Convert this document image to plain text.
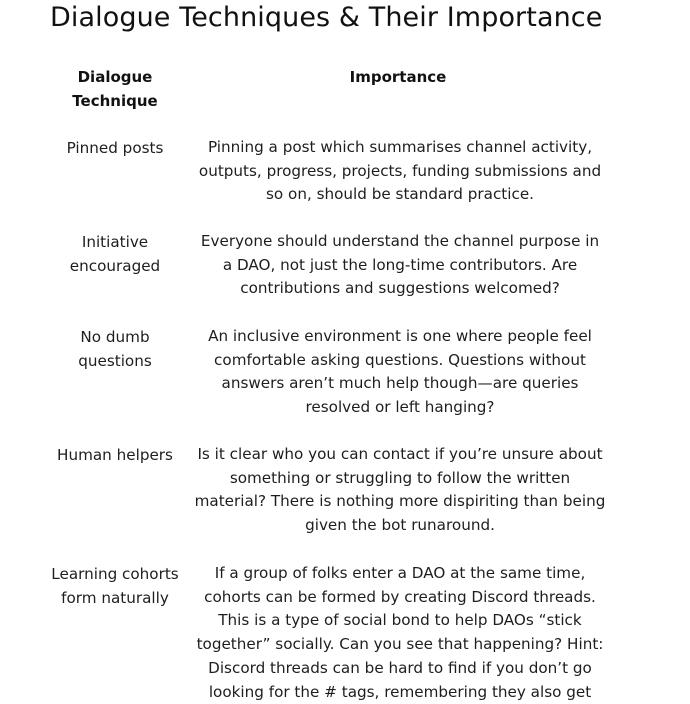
Dialogue Techniques & Their Importance
Dialogue
Technique
Importance
Pinned posts	Pinning a post which summarises channel activity,
outputs, progress, projects, funding submissions and
so on, should be standard practice.
Initiative
encouraged
Everyone should understand the channel purpose in
a DAO, not just the long-time contributors. Are
contributions and suggestions welcomed?
No dumb
questions
An inclusive environment is one where people feel
comfortable asking questions. Questions without
answers aren’t much help though—are queries
resolved or left hanging?
Human helpers	Is it clear who you can contact if you’re unsure about
something or struggling to follow the written
material? There is nothing more dispiriting than being
given the bot runaround.
Learning cohorts
form naturally
If a group of folks enter a DAO at the same time,
cohorts can be formed by creating Discord threads.
This is a type of social bond to help DAOs “stick
together” socially. Can you see that happening? Hint:
Discord threads can be hard to find if you don’t go
looking for the # tags, remembering they also get
